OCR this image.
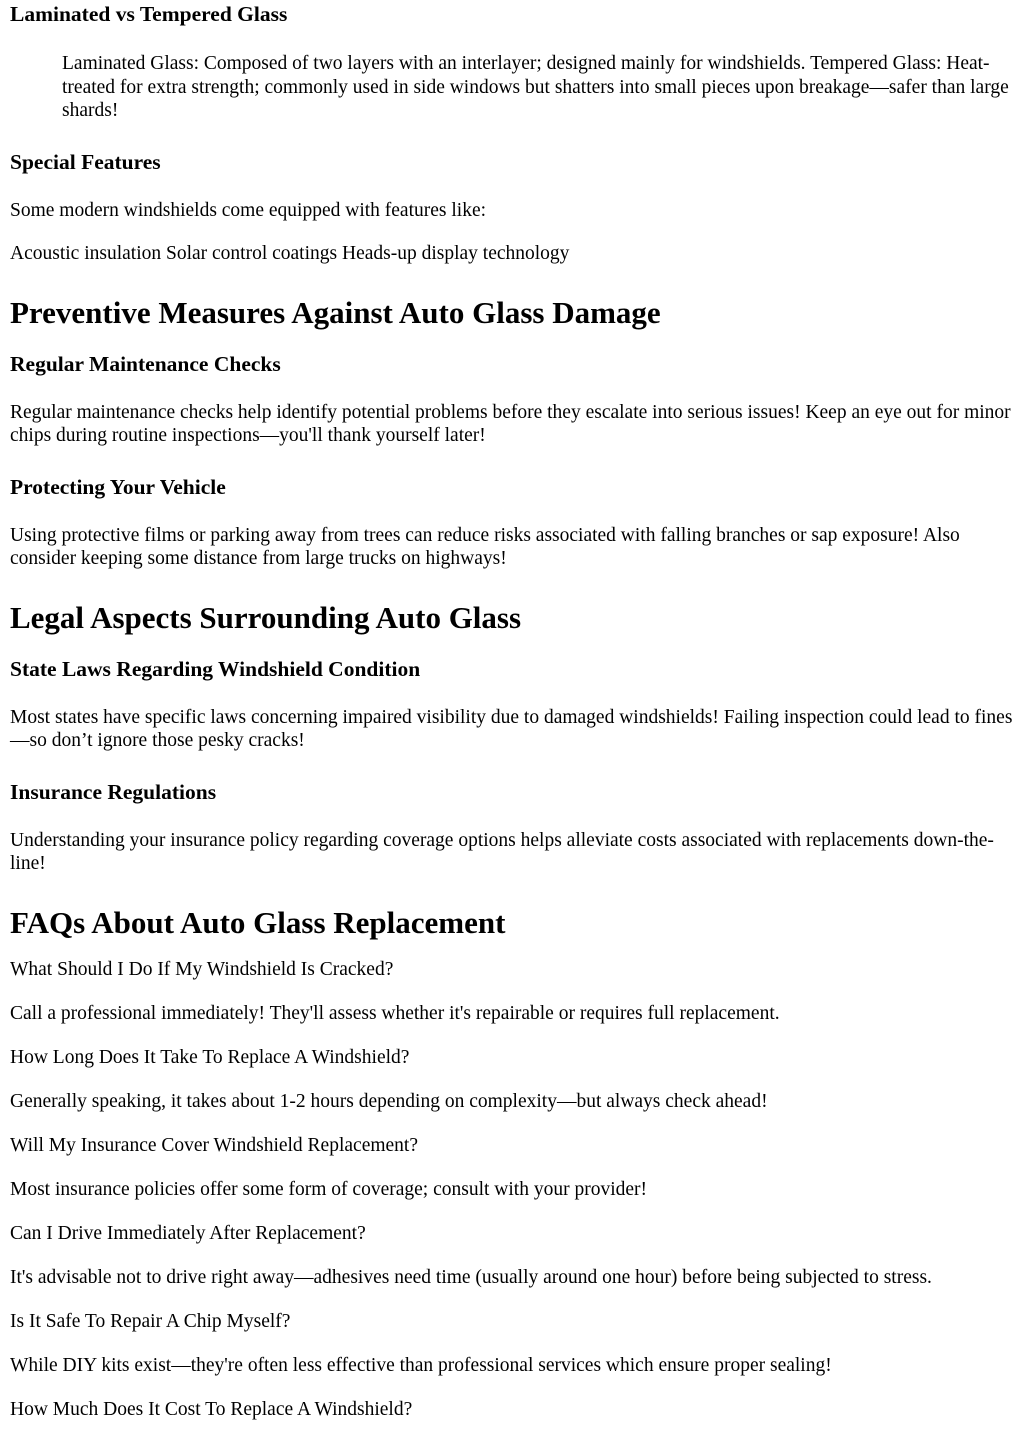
Laminated vs Tempered Glass
Laminated Glass: Composed of two layers with an interlayer; designed mainly for windshields. Tempered Glass: Heat-treated for extra strength; commonly used in side windows but shatters into small pieces upon breakage—safer than large shards!
Special Features

Some modern windshields come equipped with features like:

Acoustic insulation Solar control coatings Heads-up display technology

Preventive Measures Against Auto Glass Damage
Regular Maintenance Checks

Regular maintenance checks help identify potential problems before they escalate into serious issues! Keep an eye out for minor chips during routine inspections—you'll thank yourself later!

Protecting Your Vehicle

Using protective films or parking away from trees can reduce risks associated with falling branches or sap exposure! Also consider keeping some distance from large trucks on highways!

Legal Aspects Surrounding Auto Glass
State Laws Regarding Windshield Condition

Most states have specific laws concerning impaired visibility due to damaged windshields! Failing inspection could lead to fines—so don’t ignore those pesky cracks!

Insurance Regulations

Understanding your insurance policy regarding coverage options helps alleviate costs associated with replacements down-the-line!

FAQs About Auto Glass Replacement

What Should I Do If My Windshield Is Cracked?

Call a professional immediately! They'll assess whether it's repairable or requires full replacement.

How Long Does It Take To Replace A Windshield?

Generally speaking, it takes about 1-2 hours depending on complexity—but always check ahead!

Will My Insurance Cover Windshield Replacement?

Most insurance policies offer some form of coverage; consult with your provider!

Can I Drive Immediately After Replacement?

It's advisable not to drive right away—adhesives need time (usually around one hour) before being subjected to stress.

Is It Safe To Repair A Chip Myself?

While DIY kits exist—they're often less effective than professional services which ensure proper sealing!

How Much Does It Cost To Replace A Windshield?
